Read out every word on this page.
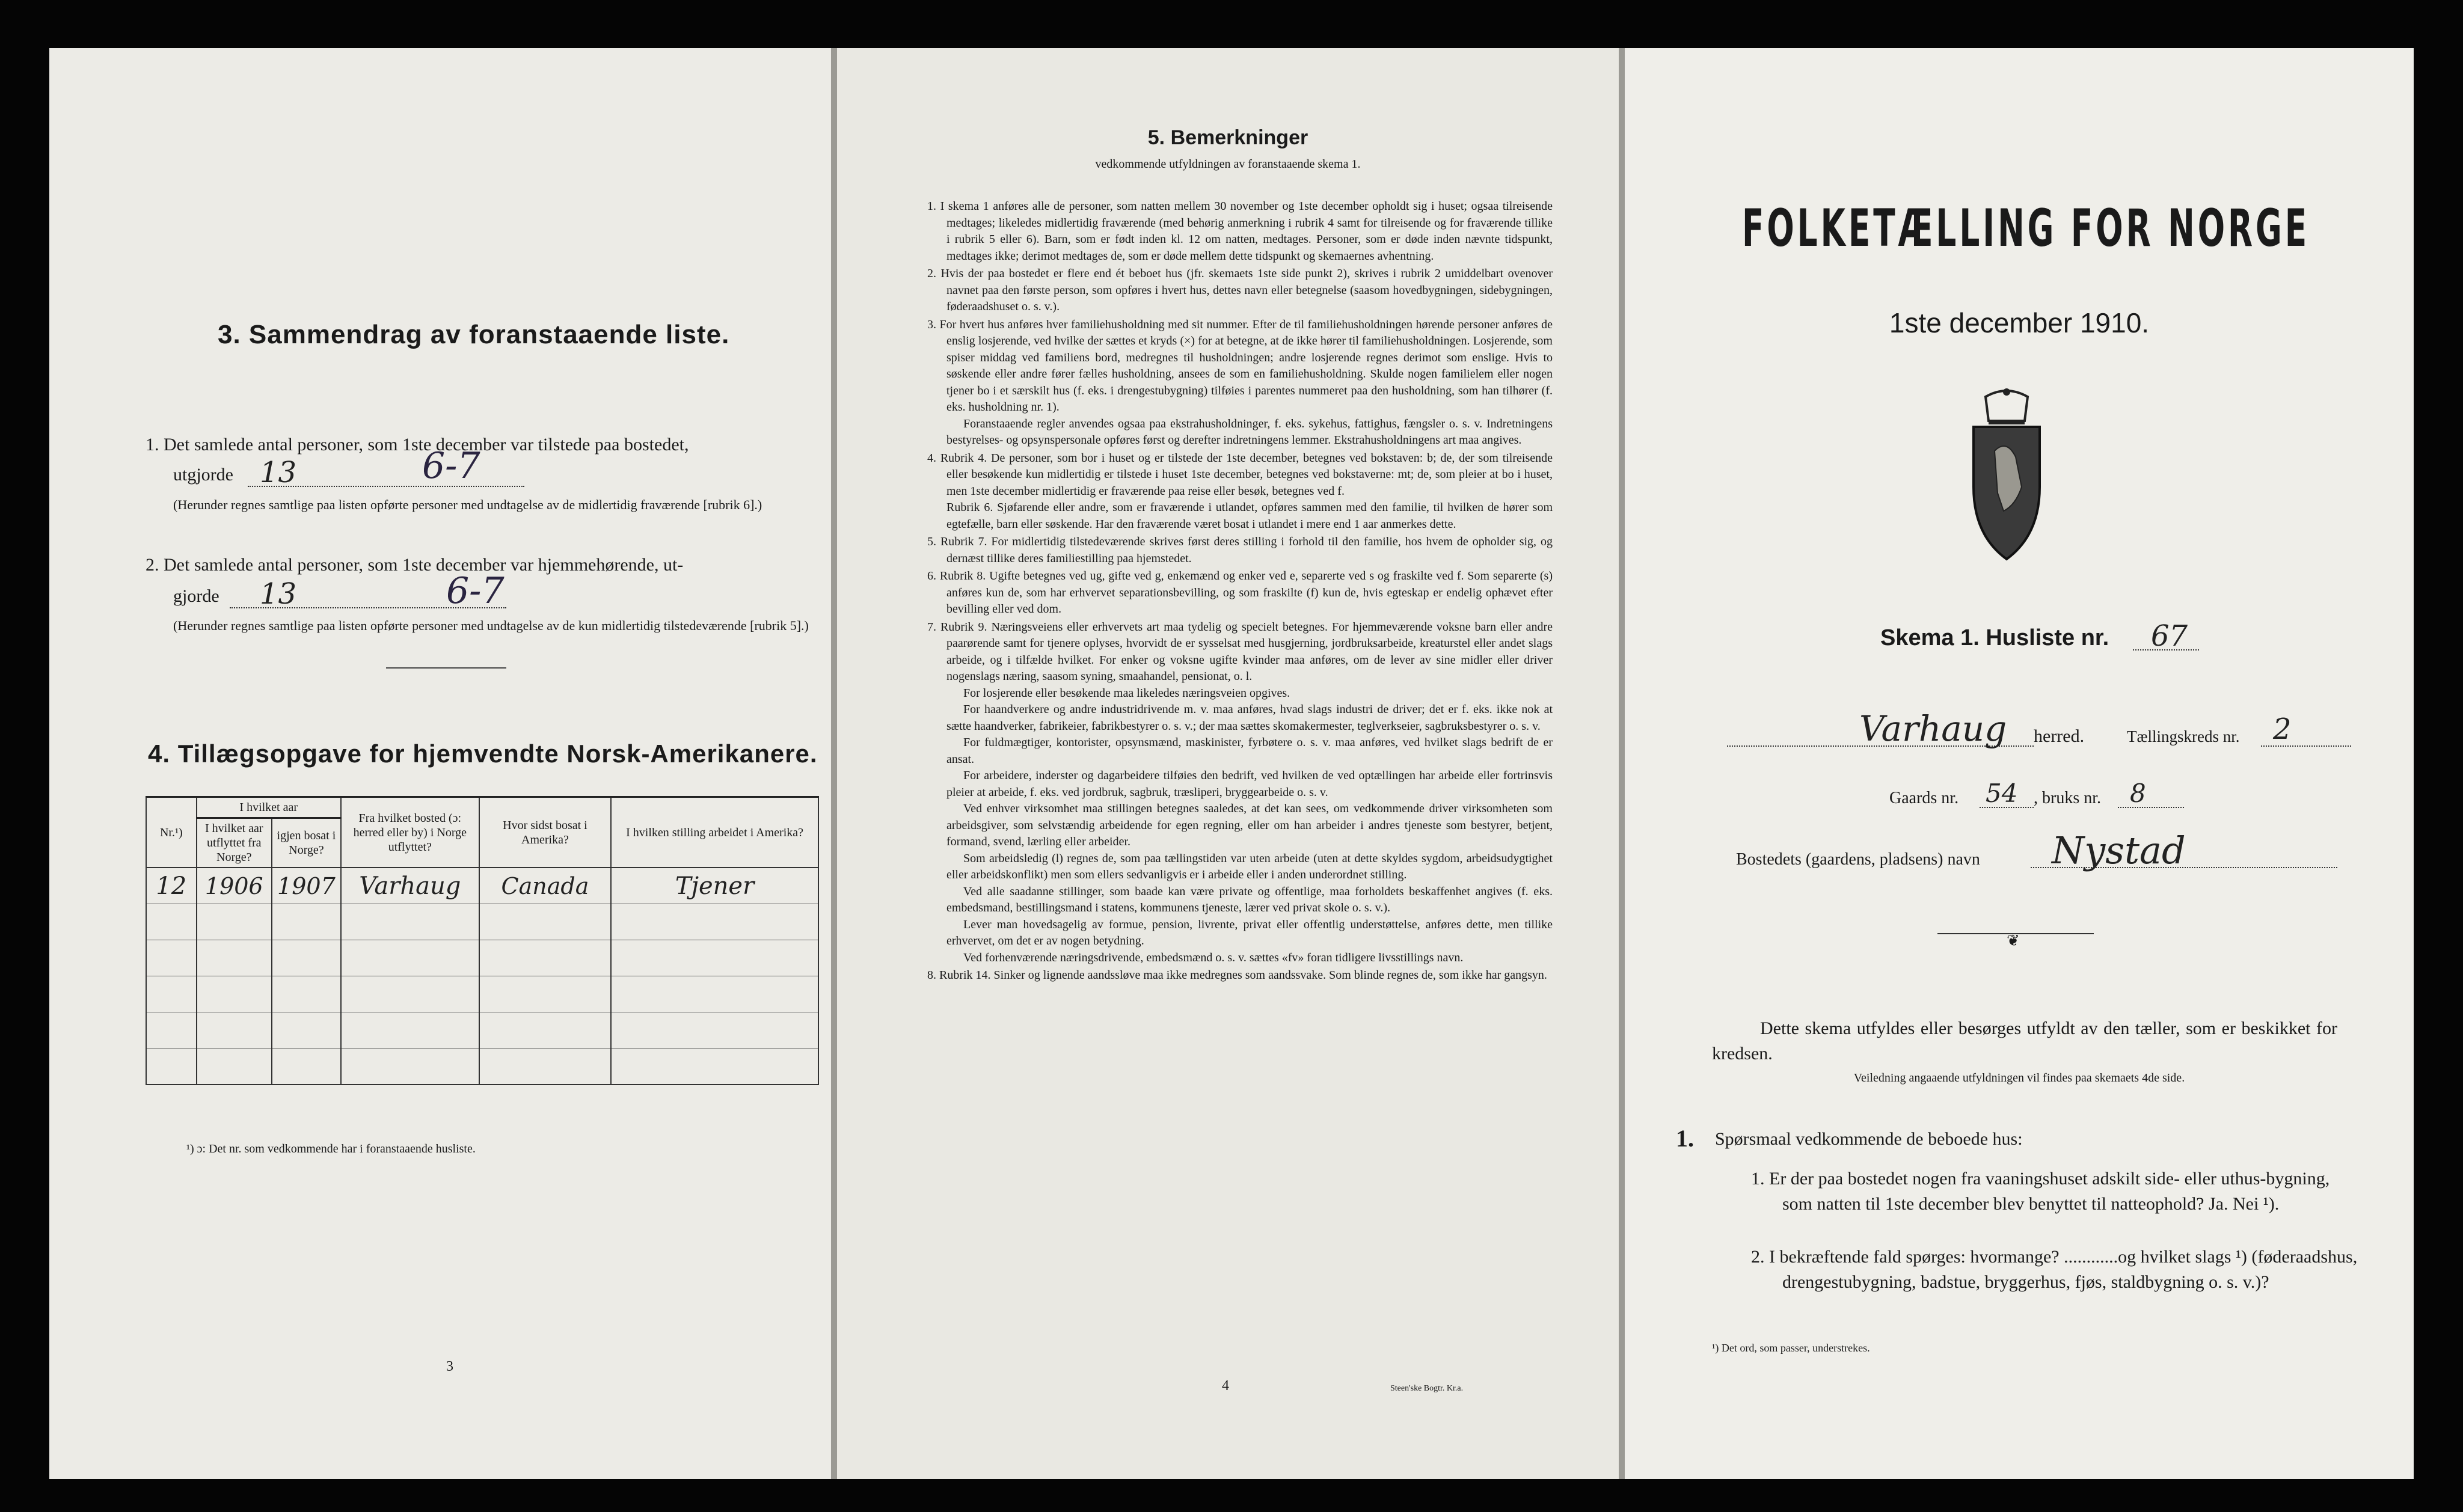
3. Sammendrag av foranstaaende liste.
1. Det samlede antal personer, som 1ste december var tilstede paa bostedet,
utgjorde 13	6-7
(Herunder regnes samtlige paa listen opførte personer med undtagelse av de midlertidig fraværende [rubrik 6].)
2. Det samlede antal personer, som 1ste december var hjemmehørende, ut-
gjorde 13	6-7
(Herunder regnes samtlige paa listen opførte personer med undtagelse av de kun midlertidig tilstedeværende [rubrik 5].)
4. Tillægsopgave for hjemvendte Norsk-Amerikanere.
Nr.¹)	I hvilket aar		Fra hvilket bosted (ɔ: herred eller by) i Norge utflyttet?	Hvor sidst bosat i Amerika?	I hvilken stilling arbeidet i Amerika?
	I hvilket aar utflyttet fra Norge?	igjen bosat i Norge?			
12	1906	1907	Varhaug	Canada	Tjener

¹) ɔ: Det nr. som vedkommende har i foranstaaende husliste.
3
5. Bemerkninger
vedkommende utfyldningen av foranstaaende skema 1.

1. I skema 1 anføres alle de personer, som natten mellem 30 november og 1ste december opholdt sig i huset; ogsaa tilreisende medtages; likeledes midlertidig fraværende (med behørig anmerkning i rubrik 4 samt for tilreisende og for fraværende tillike i rubrik 5 eller 6). Barn, som er født inden kl. 12 om natten, medtages. Personer, som er døde inden nævnte tidspunkt, medtages ikke; derimot medtages de, som er døde mellem dette tidspunkt og skemaernes avhentning.

2. Hvis der paa bostedet er flere end ét beboet hus (jfr. skemaets 1ste side punkt 2), skrives i rubrik 2 umiddelbart ovenover navnet paa den første person, som opføres i hvert hus, dettes navn eller betegnelse (saasom hovedbygningen, sidebygningen, føderaadshuset o. s. v.).

3. For hvert hus anføres hver familiehusholdning med sit nummer. Efter de til familiehusholdningen hørende personer anføres de enslig losjerende, ved hvilke der sættes et kryds (×) for at betegne, at de ikke hører til familiehusholdningen. Losjerende, som spiser middag ved familiens bord, medregnes til husholdningen; andre losjerende regnes derimot som enslige. Hvis to søskende eller andre fører fælles husholdning, ansees de som en familiehusholdning. Skulde nogen familielem eller nogen tjener bo i et særskilt hus (f. eks. i drengestubygning) tilføies i parentes nummeret paa den husholdning, som han tilhører (f. eks. husholdning nr. 1).

Foranstaaende regler anvendes ogsaa paa ekstrahusholdninger, f. eks. sykehus, fattighus, fængsler o. s. v. Indretningens bestyrelses- og opsynspersonale opføres først og derefter indretningens lemmer. Ekstrahusholdningens art maa angives.

4. Rubrik 4. De personer, som bor i huset og er tilstede der 1ste december, betegnes ved bokstaven: b; de, der som tilreisende eller besøkende kun midlertidig er tilstede i huset 1ste december, betegnes ved bokstaverne: mt; de, som pleier at bo i huset, men 1ste december midlertidig er fraværende paa reise eller besøk, betegnes ved f.

Rubrik 6. Sjøfarende eller andre, som er fraværende i utlandet, opføres sammen med den familie, til hvilken de hører som egtefælle, barn eller søskende. Har den fraværende været bosat i utlandet i mere end 1 aar anmerkes dette.

5. Rubrik 7. For midlertidig tilstedeværende skrives først deres stilling i forhold til den familie, hos hvem de opholder sig, og dernæst tillike deres familiestilling paa hjemstedet.

6. Rubrik 8. Ugifte betegnes ved ug, gifte ved g, enkemænd og enker ved e, separerte ved s og fraskilte ved f. Som separerte (s) anføres kun de, som har erhvervet separationsbevilling, og som fraskilte (f) kun de, hvis egteskap er endelig ophævet efter bevilling eller ved dom.

7. Rubrik 9. Næringsveiens eller erhvervets art maa tydelig og specielt betegnes. For hjemmeværende voksne barn eller andre paarørende samt for tjenere oplyses, hvorvidt de er sysselsat med husgjerning, jordbruksarbeide, kreaturstel eller andet slags arbeide, og i tilfælde hvilket. For enker og voksne ugifte kvinder maa anføres, om de lever av sine midler eller driver nogenslags næring, saasom syning, smaahandel, pensionat, o. l.

For losjerende eller besøkende maa likeledes næringsveien opgives.

For haandverkere og andre industridrivende m. v. maa anføres, hvad slags industri de driver; det er f. eks. ikke nok at sætte haandverker, fabrikeier, fabrikbestyrer o. s. v.; der maa sættes skomakermester, teglverkseier, sagbruksbestyrer o. s. v.

For fuldmægtiger, kontorister, opsynsmænd, maskinister, fyrbøtere o. s. v. maa anføres, ved hvilket slags bedrift de er ansat.

For arbeidere, inderster og dagarbeidere tilføies den bedrift, ved hvilken de ved optællingen har arbeide eller fortrinsvis pleier at arbeide, f. eks. ved jordbruk, sagbruk, træsliperi, bryggearbeide o. s. v.

Ved enhver virksomhet maa stillingen betegnes saaledes, at det kan sees, om vedkommende driver virksomheten som arbeidsgiver, som selvstændig arbeidende for egen regning, eller om han arbeider i andres tjeneste som bestyrer, betjent, formand, svend, lærling eller arbeider.

Som arbeidsledig (l) regnes de, som paa tællingstiden var uten arbeide (uten at dette skyldes sygdom, arbeidsudygtighet eller arbeidskonflikt) men som ellers sedvanligvis er i arbeide eller i anden underordnet stilling.

Ved alle saadanne stillinger, som baade kan være private og offentlige, maa forholdets beskaffenhet angives (f. eks. embedsmand, bestillingsmand i statens, kommunens tjeneste, lærer ved privat skole o. s. v.).

Lever man hovedsagelig av formue, pension, livrente, privat eller offentlig understøttelse, anføres dette, men tillike erhvervet, om det er av nogen betydning.

Ved forhenværende næringsdrivende, embedsmænd o. s. v. sættes «fv» foran tidligere livsstillings navn.

8. Rubrik 14. Sinker og lignende aandssløve maa ikke medregnes som aandssvake. Som blinde regnes de, som ikke har gangsyn.

4	Steen'ske Bogtr. Kr.a.
FOLKETÆLLING FOR NORGE
1ste december 1910.
Skema 1. Husliste nr. 67
Varhaug herred.	Tællingskreds nr. 2
Gaards nr. 54 , bruks nr. 8
Bostedets (gaardens, pladsens) navn Nystad
❦
Dette skema utfyldes eller besørges utfyldt av den tæller, som er beskikket for kredsen.
Veiledning angaaende utfyldningen vil findes paa skemaets 4de side.
1. Spørsmaal vedkommende de beboede hus:
1. Er der paa bostedet nogen fra vaaningshuset adskilt side- eller uthus-bygning, som natten til 1ste december blev benyttet til natteophold? Ja. Nei ¹).
2. I bekræftende fald spørges: hvormange? ............og hvilket slags ¹) (føderaadshus, drengestubygning, badstue, bryggerhus, fjøs, staldbygning o. s. v.)?
¹) Det ord, som passer, understrekes.
